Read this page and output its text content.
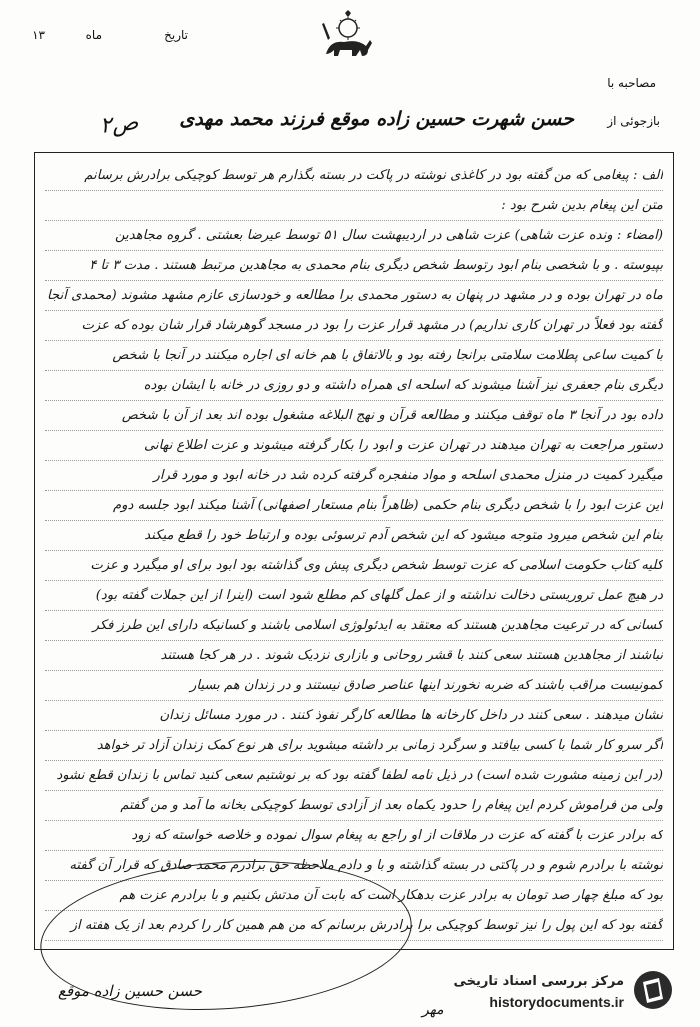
تاریخ
ماه
۱۳
مصاحبه با
بازجوئی از
حسن شهرت حسین زاده موقع فرزند محمد مهدی
ص۲
الف : پیغامی که من گفته بود در کاغذی نوشته در پاکت در بسته بگذارم هر توسط کوچیکی برادرش برسانم
متن این پیغام بدین شرح بود :
(امضاء : ونده عزت شاهی) عزت شاهی در اردیبهشت سال ۵۱ توسط عیرضا بعشتی . گروه مجاهدین
بپیوسته . و با شخصی بنام ابود رتوسط شخص دیگری بنام محمدی به مجاهدین مرتبط هستند . مدت ۳ تا ۴
ماه در تهران بوده و در مشهد در پنهان به دستور محمدی برا مطالعه و خودسازی عازم مشهد مشوند (محمدی آنجا
گفته بود فعلاً در تهران کاری نداریم) در مشهد قرار عزت را بود در مسجد گوهرشاد قرار شان بوده که عزت
با کمیت ساعی پطلامت سلامتی برانجا رفته بود و بالاتفاق با هم خانه ای اجاره میکنند در آنجا با شخص
دیگری بنام جعفری نیز آشنا میشوند که اسلحه ای همراه داشته و دو روزی در خانه با ایشان بوده
داده بود در آنجا ۳ ماه توقف میکنند و مطالعه قرآن و نهج البلاغه مشغول بوده اند بعد از آن با شخص
دستور مراجعت به تهران میدهند در تهران عزت و ابود را بکار گرفته میشوند و عزت اطلاع نهانی
میگیرد کمیت در منزل محمدی اسلحه و مواد منفجره گرفته کرده شد در خانه ابود و مورد قرار
این عزت ابود را با شخص دیگری بنام حکمی (ظاهراً بنام مستعار اصفهانی) آشنا میکند ابود جلسه دوم
بنام این شخص میرود متوجه میشود که این شخص آدم ترسوئی بوده و ارتباط خود را قطع میکند
کلیه کتاب حکومت اسلامی که عزت توسط شخص دیگری پیش وی گذاشته بود ابود برای او میگیرد و عزت
در هیچ عمل تروریستی دخالت نداشته و از عمل گلهای کم مطلع شود است (اینرا از این جملات گفته بود)
کسانی که در ترعیت مجاهدین هستند که معتقد به ایدئولوژی اسلامی باشند و کسانیکه دارای این طرز فکر
نباشند از مجاهدین هستند سعی کنند با قشر روحانی و بازاری نزدیک شوند . در هر کجا هستند
کمونیست مراقب باشند که ضربه نخورند اینها عناصر صادق نیستند و در زندان هم بسیار
نشان میدهند . سعی کنند در داخل کارخانه ها مطالعه کارگر نفوذ کنند . در مورد مسائل زندان
اگر سرو کار شما با کسی بیافتد و سرگرد زمانی بر داشته میشوید برای هر نوع کمک زندان آزاد تر خواهد
(در این زمینه مشورت شده است) در ذیل نامه لطفا گفته بود که بر نوشتیم سعی کنید تماس با زندان قطع نشود
ولی من فراموش کردم این پیغام را حدود یکماه بعد از آزادی توسط کوچیکی بخانه ما آمد و من گفتم
که برادر عزت با گفته که عزت در ملاقات از او راجع به پیغام سوال نموده و خلاصه خواسته که زود
نوشته با برادرم شوم و در پاکتی در بسته گذاشته و با و دادم ملاحظه حق برادرم محمد صادق که قرار آن گفته
بود که مبلغ چهار صد تومان به برادر عزت بدهکار است که بابت آن مدتش بکنیم و با برادرم عزت هم
گفته بود که این پول را نیز توسط کوچیکی برا برادرش برسانم که من هم همین کار را کردم بعد از یک هفته از
حسن حسین زاده موقع
مهر
مرکز بررسی اسناد تاریخی
historydocuments.ir
